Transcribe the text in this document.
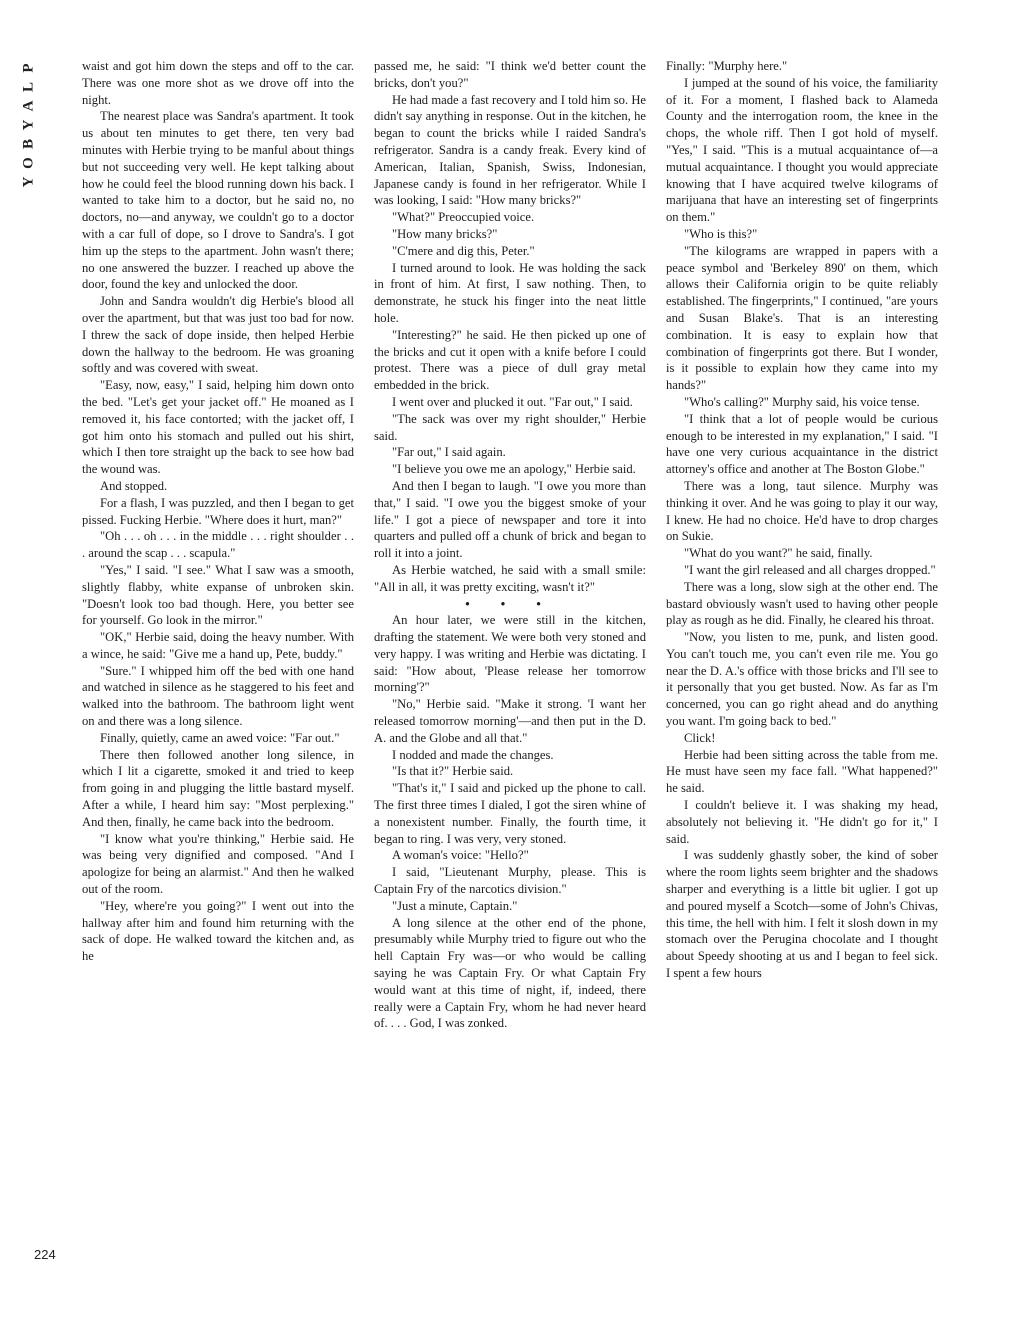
P
L
A
Y
B
O
Y
224

waist and got him down the steps and off to the car. There was one more shot as we drove off into the night.

The nearest place was Sandra's apartment. It took us about ten minutes to get there, ten very bad minutes with Herbie trying to be manful about things but not succeeding very well. He kept talking about how he could feel the blood running down his back. I wanted to take him to a doctor, but he said no, no doctors, no—and anyway, we couldn't go to a doctor with a car full of dope, so I drove to Sandra's. I got him up the steps to the apartment. John wasn't there; no one answered the buzzer. I reached up above the door, found the key and unlocked the door.

John and Sandra wouldn't dig Herbie's blood all over the apartment, but that was just too bad for now. I threw the sack of dope inside, then helped Herbie down the hallway to the bedroom. He was groaning softly and was covered with sweat.

"Easy, now, easy," I said, helping him down onto the bed. "Let's get your jacket off." He moaned as I removed it, his face contorted; with the jacket off, I got him onto his stomach and pulled out his shirt, which I then tore straight up the back to see how bad the wound was.

And stopped.

For a flash, I was puzzled, and then I began to get pissed. Fucking Herbie. "Where does it hurt, man?"

"Oh . . . oh . . . in the middle . . . right shoulder . . . around the scap . . . scapula."

"Yes," I said. "I see." What I saw was a smooth, slightly flabby, white expanse of unbroken skin. "Doesn't look too bad though. Here, you better see for yourself. Go look in the mirror."

"OK," Herbie said, doing the heavy number. With a wince, he said: "Give me a hand up, Pete, buddy."

"Sure." I whipped him off the bed with one hand and watched in silence as he staggered to his feet and walked into the bathroom. The bathroom light went on and there was a long silence.

Finally, quietly, came an awed voice: "Far out."

There then followed another long silence, in which I lit a cigarette, smoked it and tried to keep from going in and plugging the little bastard myself. After a while, I heard him say: "Most perplexing." And then, finally, he came back into the bedroom.

"I know what you're thinking," Herbie said. He was being very dignified and composed. "And I apologize for being an alarmist." And then he walked out of the room.

"Hey, where're you going?" I went out into the hallway after him and found him returning with the sack of dope. He walked toward the kitchen and, as he

passed me, he said: "I think we'd better count the bricks, don't you?"

He had made a fast recovery and I told him so. He didn't say anything in response. Out in the kitchen, he began to count the bricks while I raided Sandra's refrigerator. Sandra is a candy freak. Every kind of American, Italian, Spanish, Swiss, Indonesian, Japanese candy is found in her refrigerator. While I was looking, I said: "How many bricks?"

"What?" Preoccupied voice.

"How many bricks?"

"C'mere and dig this, Peter."

I turned around to look. He was holding the sack in front of him. At first, I saw nothing. Then, to demonstrate, he stuck his finger into the neat little hole.

"Interesting?" he said. He then picked up one of the bricks and cut it open with a knife before I could protest. There was a piece of dull gray metal embedded in the brick.

I went over and plucked it out. "Far out," I said.

"The sack was over my right shoulder," Herbie said.

"Far out," I said again.

"I believe you owe me an apology," Herbie said.

And then I began to laugh. "I owe you more than that," I said. "I owe you the biggest smoke of your life." I got a piece of newspaper and tore it into quarters and pulled off a chunk of brick and began to roll it into a joint.

As Herbie watched, he said with a small smile: "All in all, it was pretty exciting, wasn't it?"

• • •

An hour later, we were still in the kitchen, drafting the statement. We were both very stoned and very happy. I was writing and Herbie was dictating. I said: "How about, 'Please release her tomorrow morning'?"

"No," Herbie said. "Make it strong. 'I want her released tomorrow morning'—and then put in the D. A. and the Globe and all that."

I nodded and made the changes.

"Is that it?" Herbie said.

"That's it," I said and picked up the phone to call. The first three times I dialed, I got the siren whine of a nonexistent number. Finally, the fourth time, it began to ring. I was very, very stoned.

A woman's voice: "Hello?"

I said, "Lieutenant Murphy, please. This is Captain Fry of the narcotics division."

"Just a minute, Captain."

A long silence at the other end of the phone, presumably while Murphy tried to figure out who the hell Captain Fry was—or who would be calling saying he was Captain Fry. Or what Captain Fry would want at this time of night, if, indeed, there really were a Captain Fry, whom he had never heard of. . . . God, I was zonked.

Finally: "Murphy here."

I jumped at the sound of his voice, the familiarity of it. For a moment, I flashed back to Alameda County and the interrogation room, the knee in the chops, the whole riff. Then I got hold of myself. "Yes," I said. "This is a mutual acquaintance of—a mutual acquaintance. I thought you would appreciate knowing that I have acquired twelve kilograms of marijuana that have an interesting set of fingerprints on them."

"Who is this?"

"The kilograms are wrapped in papers with a peace symbol and 'Berkeley 890' on them, which allows their California origin to be quite reliably established. The fingerprints," I continued, "are yours and Susan Blake's. That is an interesting combination. It is easy to explain how that combination of fingerprints got there. But I wonder, is it possible to explain how they came into my hands?"

"Who's calling?" Murphy said, his voice tense.

"I think that a lot of people would be curious enough to be interested in my explanation," I said. "I have one very curious acquaintance in the district attorney's office and another at The Boston Globe."

There was a long, taut silence. Murphy was thinking it over. And he was going to play it our way, I knew. He had no choice. He'd have to drop charges on Sukie.

"What do you want?" he said, finally.

"I want the girl released and all charges dropped."

There was a long, slow sigh at the other end. The bastard obviously wasn't used to having other people play as rough as he did. Finally, he cleared his throat.

"Now, you listen to me, punk, and listen good. You can't touch me, you can't even rile me. You go near the D. A.'s office with those bricks and I'll see to it personally that you get busted. Now. As far as I'm concerned, you can go right ahead and do anything you want. I'm going back to bed."

Click!

Herbie had been sitting across the table from me. He must have seen my face fall. "What happened?" he said.

I couldn't believe it. I was shaking my head, absolutely not believing it. "He didn't go for it," I said.

I was suddenly ghastly sober, the kind of sober where the room lights seem brighter and the shadows sharper and everything is a little bit uglier. I got up and poured myself a Scotch—some of John's Chivas, this time, the hell with him. I felt it slosh down in my stomach over the Perugina chocolate and I thought about Speedy shooting at us and I began to feel sick. I spent a few hours
